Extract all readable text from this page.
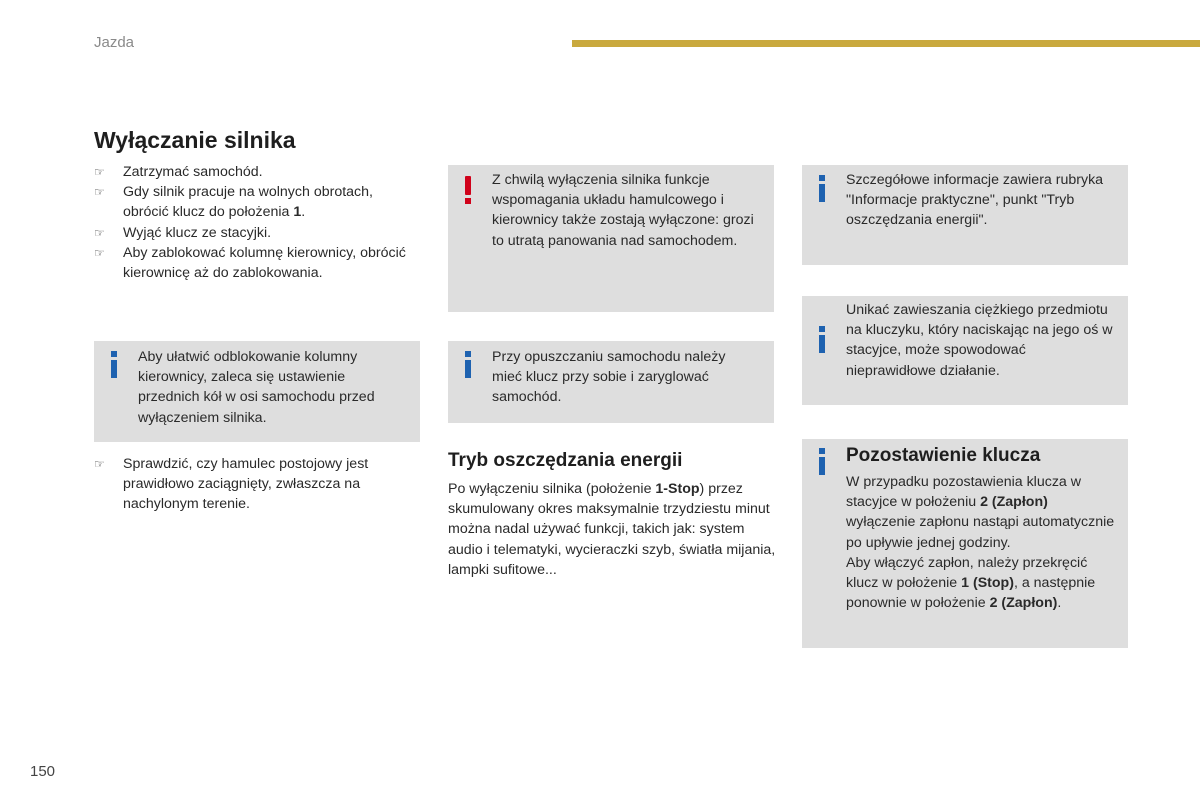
Jazda
Wyłączanie silnika
☞ Zatrzymać samochód.
☞ Gdy silnik pracuje na wolnych obrotach, obrócić klucz do położenia 1.
☞ Wyjąć klucz ze stacyjki.
☞ Aby zablokować kolumnę kierownicy, obrócić kierownicę aż do zablokowania.
Aby ułatwić odblokowanie kolumny kierownicy, zaleca się ustawienie przednich kół w osi samochodu przed wyłączeniem silnika.
☞ Sprawdzić, czy hamulec postojowy jest prawidłowo zaciągnięty, zwłaszcza na nachylonym terenie.
Z chwilą wyłączenia silnika funkcje wspomagania układu hamulcowego i kierownicy także zostają wyłączone: grozi to utratą panowania nad samochodem.
Przy opuszczaniu samochodu należy mieć klucz przy sobie i zaryglować samochód.
Tryb oszczędzania energii
Po wyłączeniu silnika (położenie 1-Stop) przez skumulowany okres maksymalnie trzydziestu minut można nadal używać funkcji, takich jak: system audio i telematyki, wycieraczki szyb, światła mijania, lampki sufitowe...
Szczegółowe informacje zawiera rubryka "Informacje praktyczne", punkt "Tryb oszczędzania energii".
Unikać zawieszania ciężkiego przedmiotu na kluczyku, który naciskając na jego oś w stacyjce, może spowodować nieprawidłowe działanie.
Pozostawienie klucza
W przypadku pozostawienia klucza w stacyjce w położeniu 2 (Zapłon) wyłączenie zapłonu nastąpi automatycznie po upływie jednej godziny.
Aby włączyć zapłon, należy przekręcić klucz w położenie 1 (Stop), a następnie ponownie w położenie 2 (Zapłon).
150
